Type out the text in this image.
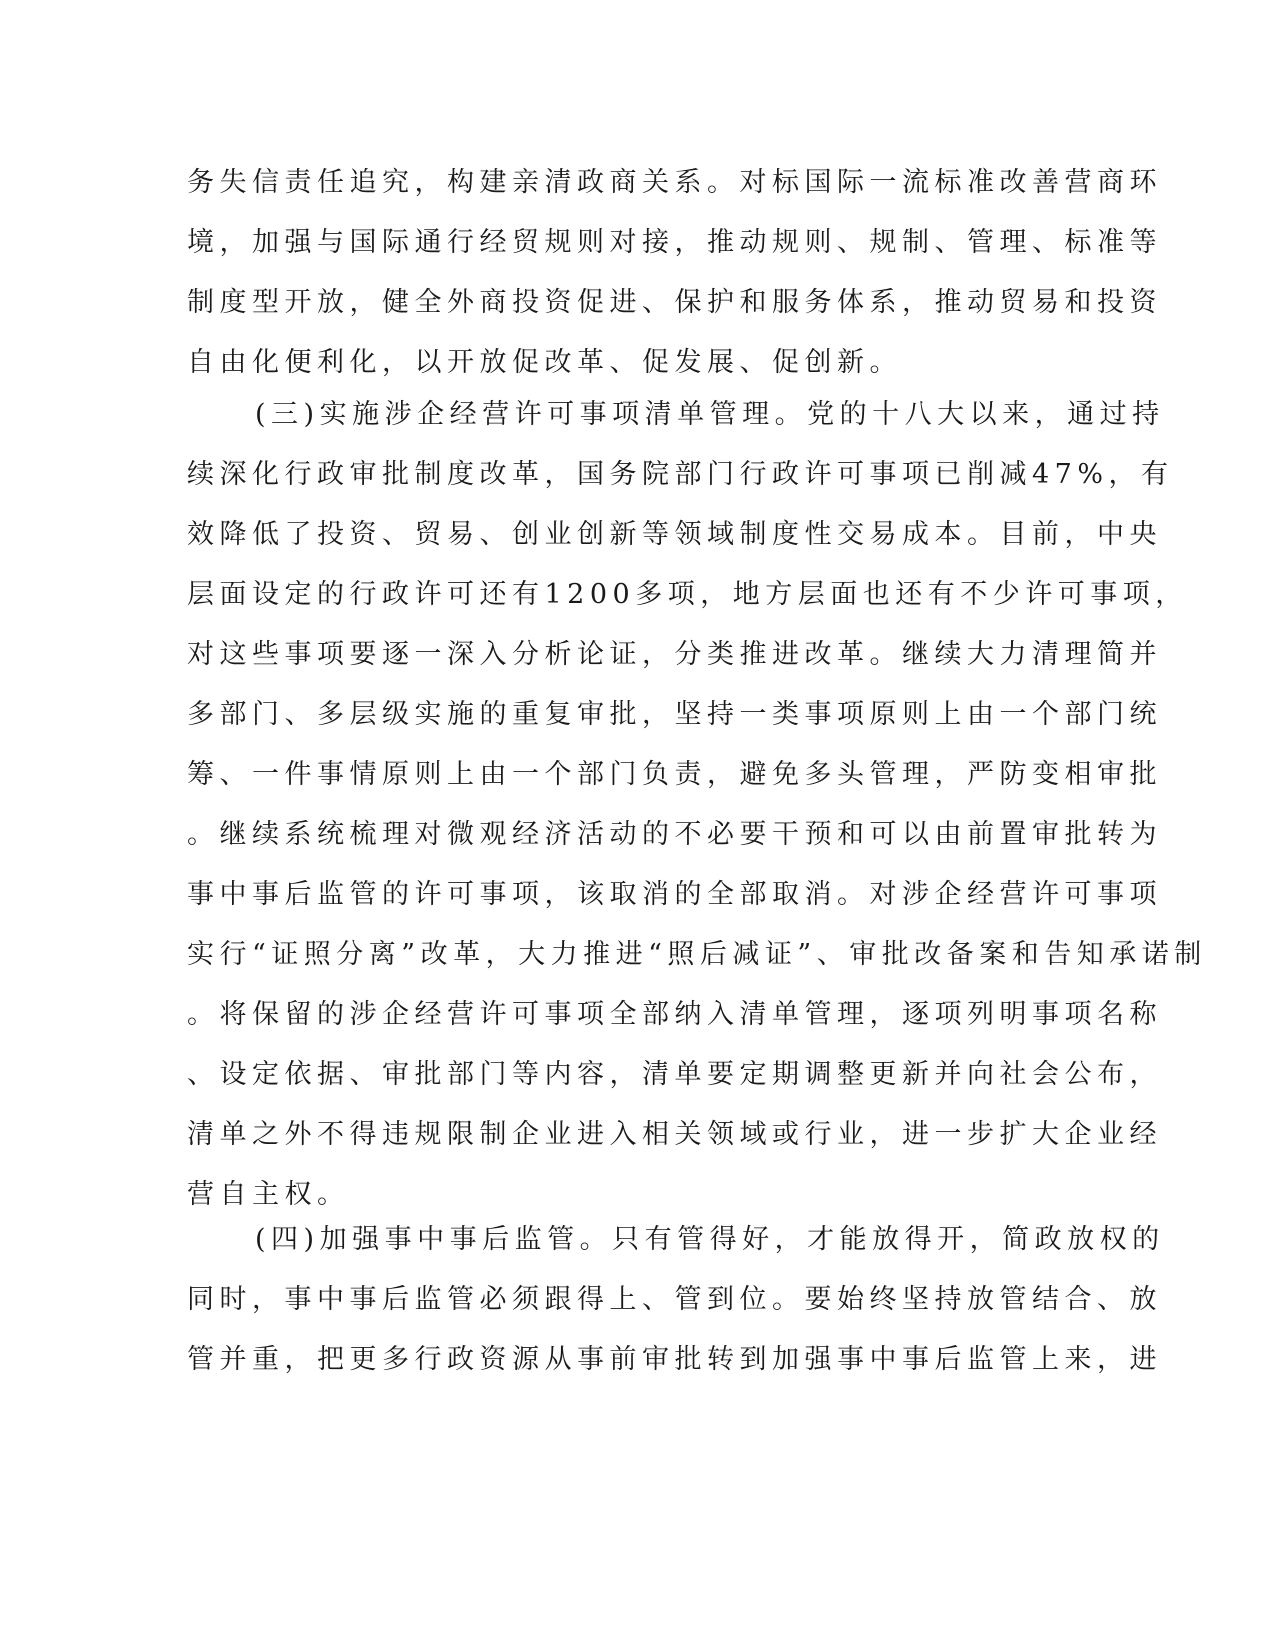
务失信责任追究，构建亲清政商关系。对标国际一流标准改善营商环
境，加强与国际通行经贸规则对接，推动规则、规制、管理、标准等
制度型开放，健全外商投资促进、保护和服务体系，推动贸易和投资
自由化便利化，以开放促改革、促发展、促创新。
(三)实施涉企经营许可事项清单管理。党的十八大以来，通过持
续深化行政审批制度改革，国务院部门行政许可事项已削减47%，有
效降低了投资、贸易、创业创新等领域制度性交易成本。目前，中央
层面设定的行政许可还有1200多项，地方层面也还有不少许可事项，
对这些事项要逐一深入分析论证，分类推进改革。继续大力清理简并
多部门、多层级实施的重复审批，坚持一类事项原则上由一个部门统
筹、一件事情原则上由一个部门负责，避免多头管理，严防变相审批
。继续系统梳理对微观经济活动的不必要干预和可以由前置审批转为
事中事后监管的许可事项，该取消的全部取消。对涉企经营许可事项
实行“证照分离”改革，大力推进“照后减证”、审批改备案和告知承诺制
。将保留的涉企经营许可事项全部纳入清单管理，逐项列明事项名称
、设定依据、审批部门等内容，清单要定期调整更新并向社会公布，
清单之外不得违规限制企业进入相关领域或行业，进一步扩大企业经
营自主权。
(四)加强事中事后监管。只有管得好，才能放得开，简政放权的
同时，事中事后监管必须跟得上、管到位。要始终坚持放管结合、放
管并重，把更多行政资源从事前审批转到加强事中事后监管上来，进
